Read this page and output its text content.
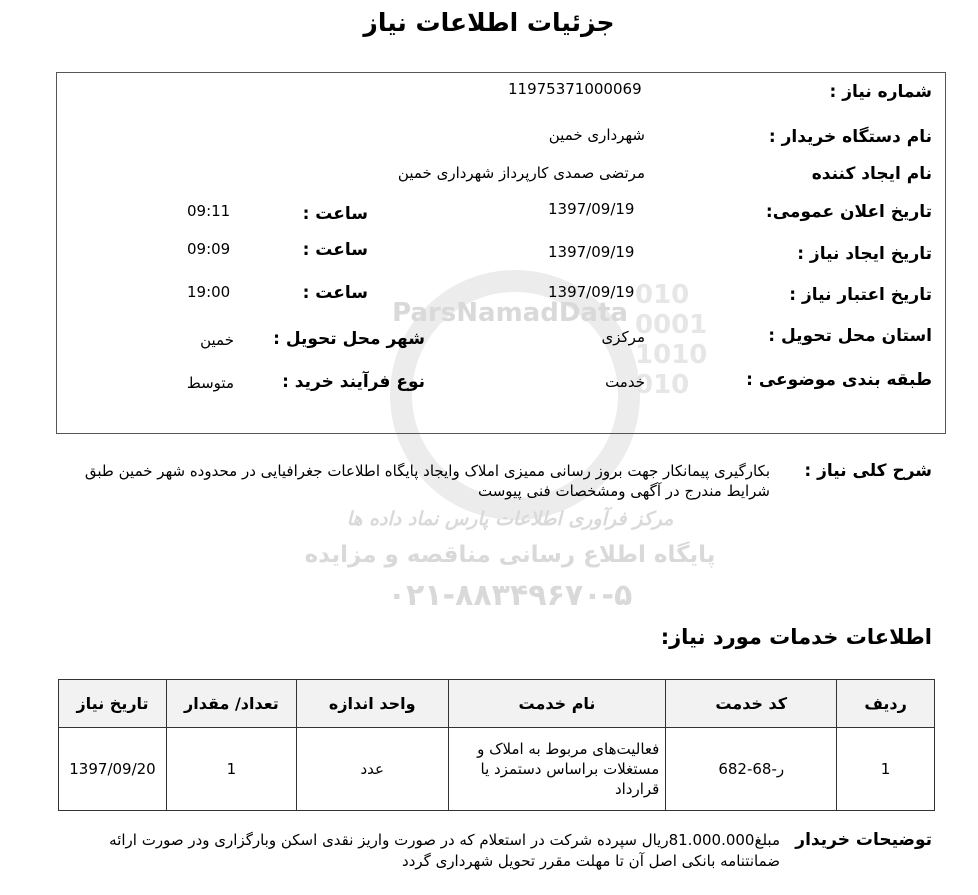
جزئیات اطلاعات نیاز
010
0001
1010
010
ParsNamadData
مرکز فرآوری اطلاعات پارس نماد داده ها
پایگاه اطلاع رسانی مناقصه و مزایده
۰۲۱-۸۸۳۴۹۶۷۰-۵
شماره نیاز :
11975371000069
نام دستگاه خریدار :
شهرداری خمین
نام ایجاد کننده
مرتضی صمدی کارپرداز شهرداری خمین
تاریخ اعلان عمومی:
1397/09/19
ساعت :
09:11
تاریخ ایجاد نیاز :
1397/09/19
ساعت :
09:09
تاریخ اعتبار نیاز :
1397/09/19
ساعت :
19:00
استان محل تحویل :
مرکزی
شهر محل تحویل :
خمین
طبقه بندی موضوعی :
خدمت
نوع فرآیند خرید :
متوسط
شرح کلی نیاز :
بکارگیری پیمانکار جهت بروز رسانی ممیزی املاک وایجاد پایگاه اطلاعات جغرافیایی در محدوده شهر خمین طبق شرایط مندرج در آگهی ومشخصات فنی پیوست
اطلاعات خدمات مورد نیاز:
ردیف	کد خدمت	نام خدمت	واحد اندازه	تعداد/ مقدار	تاریخ نیاز
1	ر-68-682	فعالیت‌های مربوط به املاک و مستغلات براساس دستمزد یا قرارداد	عدد	1	1397/09/20
توضیحات خریدار
مبلغ81.000.000ریال سپرده شرکت در استعلام که در صورت واریز نقدی اسکن وبارگزاری ودر صورت ارائه ضمانتنامه بانکی اصل آن تا مهلت مقرر تحویل شهرداری گردد
